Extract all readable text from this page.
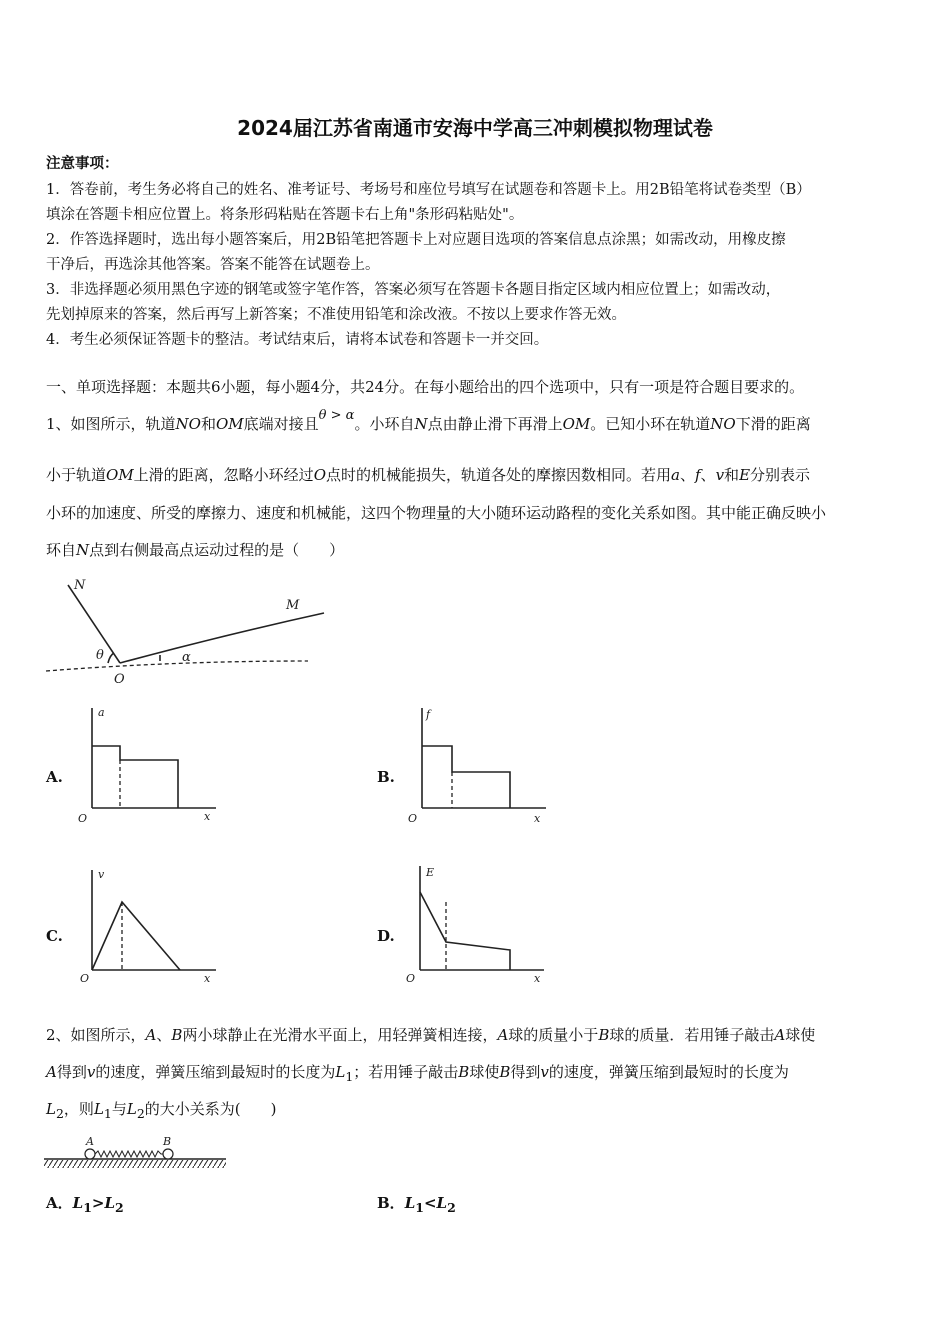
2024届江苏省南通市安海中学高三冲刺模拟物理试卷
注意事项：
1．答卷前，考生务必将自己的姓名、准考证号、考场号和座位号填写在试题卷和答题卡上。用2B铅笔将试卷类型（B）
填涂在答题卡相应位置上。将条形码粘贴在答题卡右上角"条形码粘贴处"。
2．作答选择题时，选出每小题答案后，用2B铅笔把答题卡上对应题目选项的答案信息点涂黑；如需改动，用橡皮擦
干净后，再选涂其他答案。答案不能答在试题卷上。
3．非选择题必须用黑色字迹的钢笔或签字笔作答，答案必须写在答题卡各题目指定区域内相应位置上；如需改动，
先划掉原来的答案，然后再写上新答案；不准使用铅笔和涂改液。不按以上要求作答无效。
4．考生必须保证答题卡的整洁。考试结束后，请将本试卷和答题卡一并交回。
一、单项选择题：本题共6小题，每小题4分，共24分。在每小题给出的四个选项中，只有一项是符合题目要求的。
1、如图所示，轨道NO和OM底端对接且θ > α。小环自N点由静止滑下再滑上OM。已知小环在轨道NO下滑的距离
小于轨道OM上滑的距离，忽略小环经过O点时的机械能损失，轨道各处的摩擦因数相同。若用a、f、v和E分别表示
小环的加速度、所受的摩擦力、速度和机械能，这四个物理量的大小随环运动路程的变化关系如图。其中能正确反映小
环自N点到右侧最高点运动过程的是（　　）
N
M
O
θ	α
A.
a
O	x
B.
f
O	x
C.
v
O	x
D.
E
O	x
2、如图所示，A、B两小球静止在光滑水平面上，用轻弹簧相连接，A球的质量小于B球的质量．若用锤子敲击A球使
A得到v的速度，弹簧压缩到最短时的长度为$L_1$；若用锤子敲击B球使B得到v的速度，弹簧压缩到最短时的长度为
$L_2$，则$L_1$与$L_2$的大小关系为(　　)
A	B
A．$L_1>L_2$	B．$L_1<L_2$
